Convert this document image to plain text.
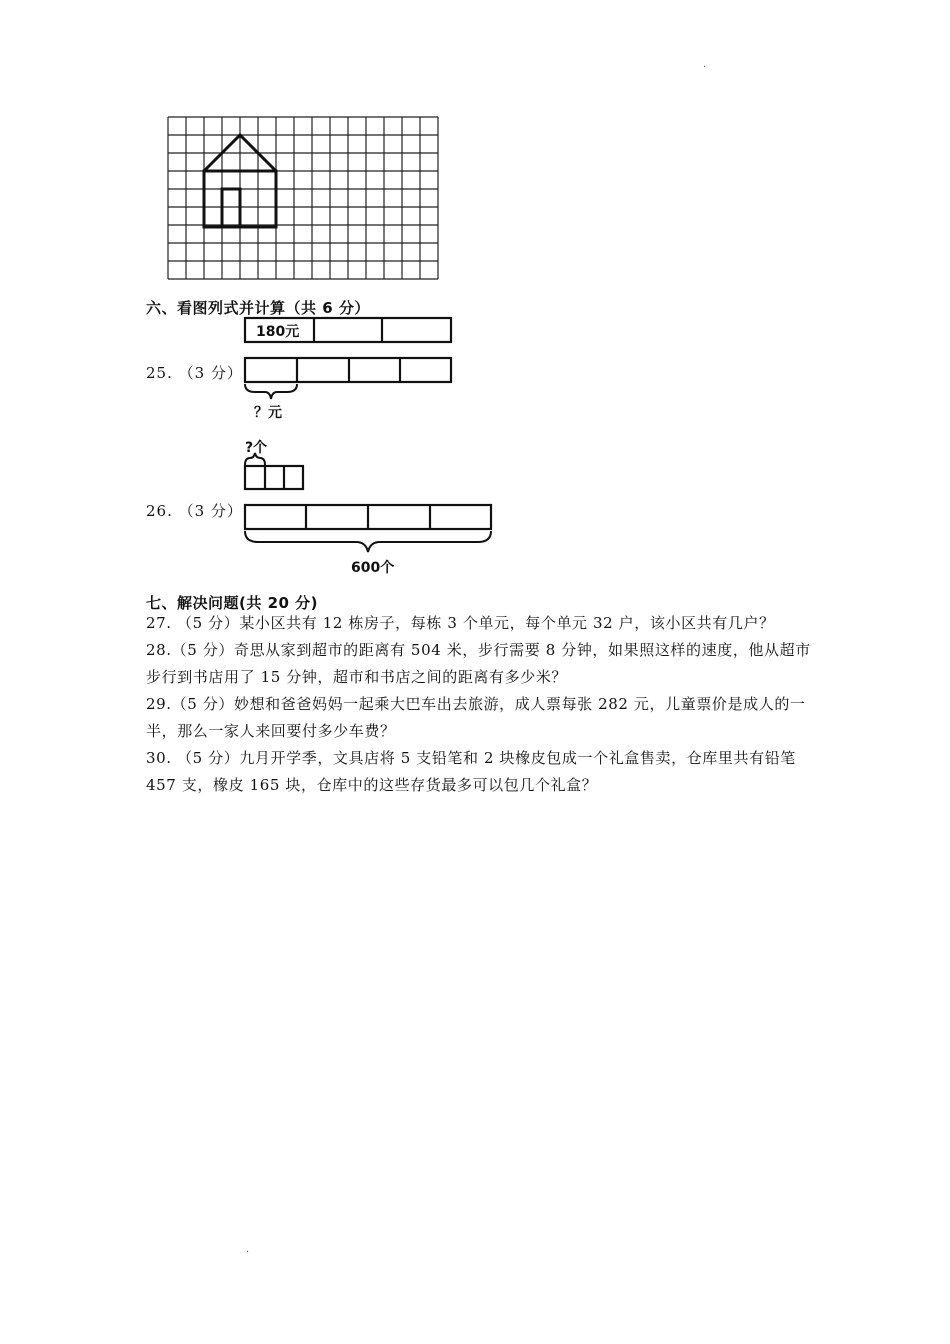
·
六、看图列式并计算（共 6 分）
25. （3 分）
26. （3 分）
180元
？元
?个
600个
七、解决问题(共 20 分)

27. （5 分）某小区共有 12 栋房子，每栋 3 个单元，每个单元 32 户，该小区共有几户？

28.（5 分）奇思从家到超市的距离有 504 米，步行需要 8 分钟，如果照这样的速度，他从超市步行到书店用了 15 分钟，超市和书店之间的距离有多少米？

29.（5 分）妙想和爸爸妈妈一起乘大巴车出去旅游，成人票每张 282 元，儿童票价是成人的一半，那么一家人来回要付多少车费？

30. （5 分）九月开学季，文具店将 5 支铅笔和 2 块橡皮包成一个礼盒售卖，仓库里共有铅笔 457 支，橡皮 165 块，仓库中的这些存货最多可以包几个礼盒？

·
